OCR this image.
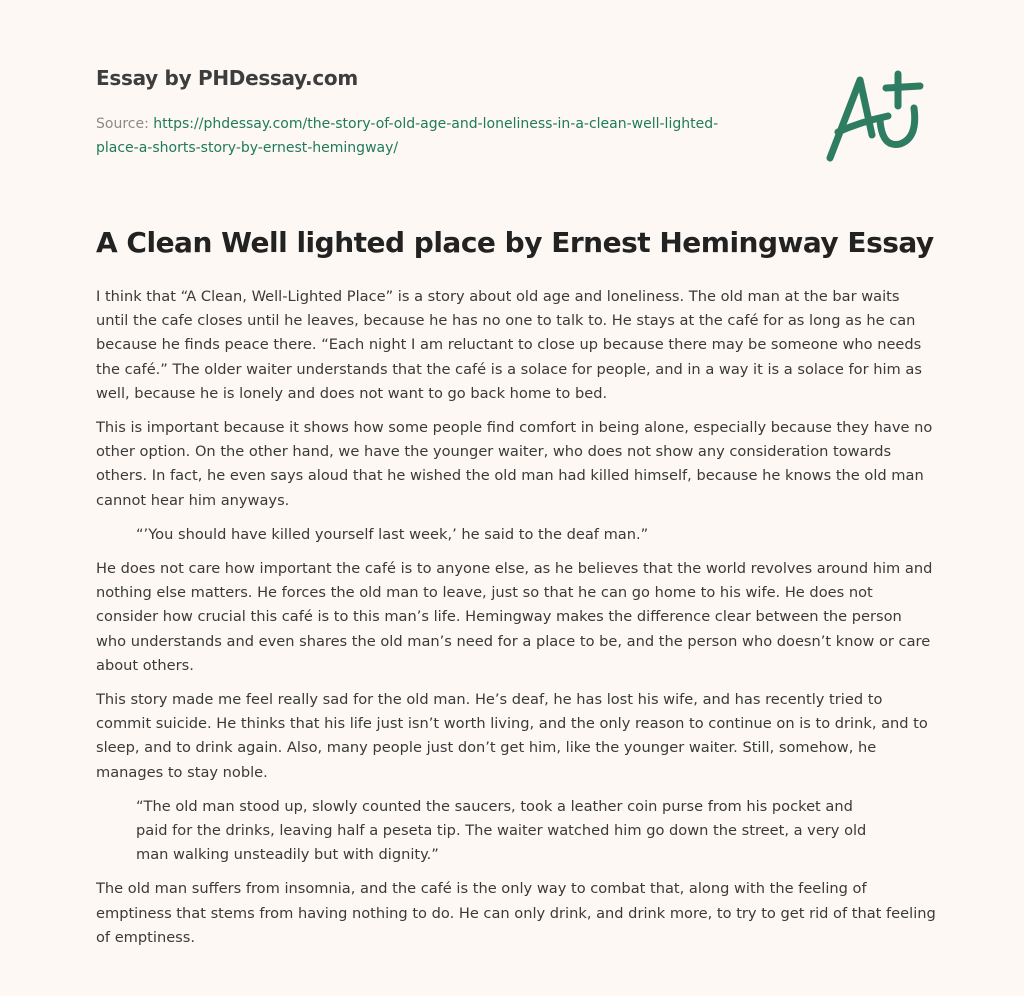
Essay by PHDessay.com
Source: https://phdessay.com/the-story-of-old-age-and-loneliness-in-a-clean-well-lighted-place-a-shorts-story-by-ernest-hemingway/
A Clean Well lighted place by Ernest Hemingway Essay

I think that “A Clean, Well-Lighted Place” is a story about old age and loneliness. The old man at the bar waits until the cafe closes until he leaves, because he has no one to talk to. He stays at the café for as long as he can because he finds peace there. “Each night I am reluctant to close up because there may be someone who needs the café.” The older waiter understands that the café is a solace for people, and in a way it is a solace for him as well, because he is lonely and does not want to go back home to bed.

This is important because it shows how some people find comfort in being alone, especially because they have no other option. On the other hand, we have the younger waiter, who does not show any consideration towards others. In fact, he even says aloud that he wished the old man had killed himself, because he knows the old man cannot hear him anyways.

“’You should have killed yourself last week,’ he said to the deaf man.”

He does not care how important the café is to anyone else, as he believes that the world revolves around him and nothing else matters. He forces the old man to leave, just so that he can go home to his wife. He does not consider how crucial this café is to this man’s life. Hemingway makes the difference clear between the person who understands and even shares the old man’s need for a place to be, and the person who doesn’t know or care about others.

This story made me feel really sad for the old man. He’s deaf, he has lost his wife, and has recently tried to commit suicide. He thinks that his life just isn’t worth living, and the only reason to continue on is to drink, and to sleep, and to drink again. Also, many people just don’t get him, like the younger waiter. Still, somehow, he manages to stay noble.

“The old man stood up, slowly counted the saucers, took a leather coin purse from his pocket and paid for the drinks, leaving half a peseta tip. The waiter watched him go down the street, a very old man walking unsteadily but with dignity.”

The old man suffers from insomnia, and the café is the only way to combat that, along with the feeling of emptiness that stems from having nothing to do. He can only drink, and drink more, to try to get rid of that feeling of emptiness.
